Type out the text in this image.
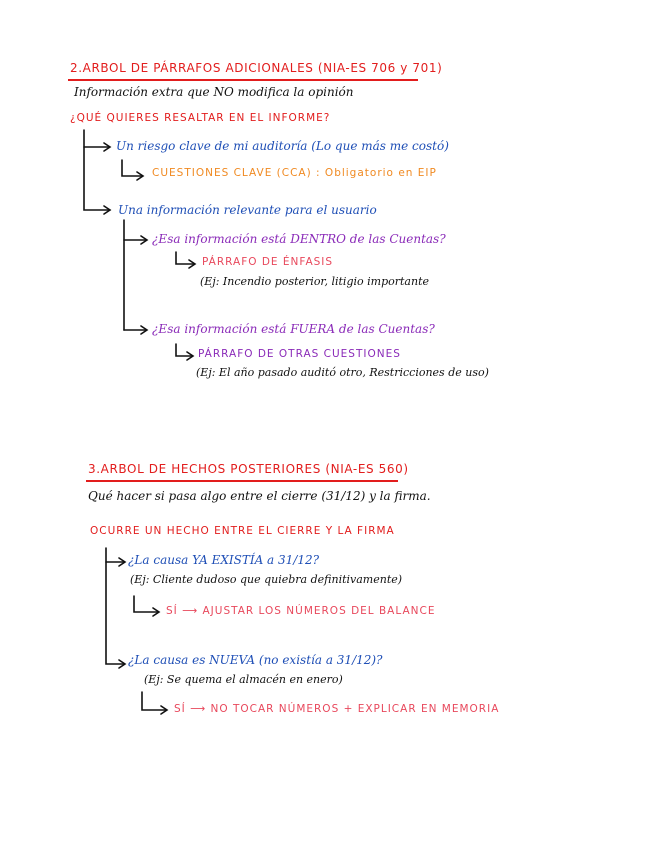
2.ARBOL DE PÁRRAFOS ADICIONALES (NIA-ES 706 y 701)
Información extra que NO modifica la opinión
¿QUÉ QUIERES RESALTAR EN EL INFORME?
Un riesgo clave de mi auditoría (Lo que más me costó)
CUESTIONES CLAVE (CCA) : Obligatorio en EIP
Una información relevante para el usuario
¿Esa información está DENTRO de las Cuentas?
PÁRRAFO DE ÉNFASIS
(Ej: Incendio posterior, litigio importante
¿Esa información está FUERA de las Cuentas?
PÁRRAFO DE OTRAS CUESTIONES
(Ej: El año pasado auditó otro, Restricciones de uso)
3.ARBOL DE HECHOS POSTERIORES (NIA-ES 560)
Qué hacer si pasa algo entre el cierre (31/12) y la firma.
OCURRE UN HECHO ENTRE EL CIERRE Y LA FIRMA
¿La causa YA EXISTÍA a 31/12?
(Ej: Cliente dudoso que quiebra definitivamente)
SÍ ⟶ AJUSTAR LOS NÚMEROS DEL BALANCE
¿La causa es NUEVA (no existía a 31/12)?
(Ej: Se quema el almacén en enero)
SÍ ⟶ NO TOCAR NÚMEROS + EXPLICAR EN MEMORIA
